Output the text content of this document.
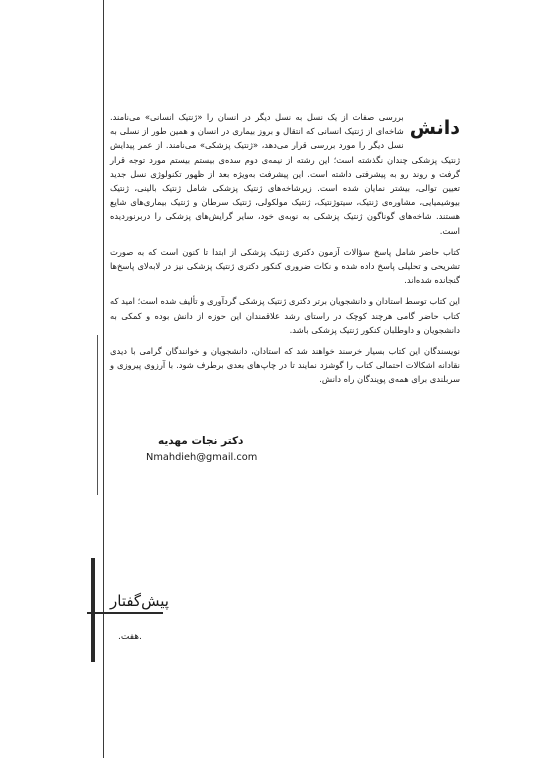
دانش
بررسی صفات از یک نسل به نسل دیگر در انسان را «ژنتیک انسانی» می‌نامند. شاخه‌ای از ژنتیک انسانی که انتقال و بروز بیماری در انسان و همین طور از نسلی به نسل دیگر را مورد بررسی قرار می‌دهد، «ژنتیک پزشکی» می‌نامند. از عمر پیدایش ژنتیک پزشکی چندان نگذشته است؛ این رشته از نیمه‌ی دوم سده‌ی بیستم بیستم مورد توجه قرار گرفت و روند رو به پیشرفتی داشته است. این پیشرفت به‌ویژه بعد از ظهور تکنولوژی نسل جدید تعیین توالی، بیشتر نمایان شده است. زیرشاخه‌های ژنتیک پزشکی شامل ژنتیک بالینی، ژنتیک بیوشیمیایی، مشاوره‌ی ژنتیک، سیتوژنتیک، ژنتیک مولکولی، ژنتیک سرطان و ژنتیک بیماری‌های شایع هستند. شاخه‌های گوناگون ژنتیک پزشکی به نوبه‌ی خود، سایر گرایش‌های پزشکی را دربرنوردیده است.

کتاب حاضر شامل پاسخ سؤالات آزمون دکتری ژنتیک پزشکی از ابتدا تا کنون است که به صورت تشریحی و تحلیلی پاسخ داده شده و نکات ضروری کنکور دکتری ژنتیک پزشکی نیز در لابه‌لای پاسخ‌ها گنجانده شده‌اند.

این کتاب توسط استادان و دانشجویان برتر دکتری ژنتیک پزشکی گردآوری و تألیف شده است؛ امید که کتاب حاضر گامی هرچند کوچک در راستای رشد علاقمندان این حوزه از دانش بوده و کمکی به دانشجویان و داوطلبان کنکور ژنتیک پزشکی باشد.

نویسندگان این کتاب بسیار خرسند خواهند شد که استادان، دانشجویان و خوانندگان گرامی با دیدی نقادانه اشکالات احتمالی کتاب را گوشزد نمایند تا در چاپ‌های بعدی برطرف شود. با آرزوی پیروزی و سربلندی برای همه‌ی پویندگان راه دانش.

دکتر نجات مهدیه
Nmahdieh@gmail.com
پیش‌گفتار
.هفت.
